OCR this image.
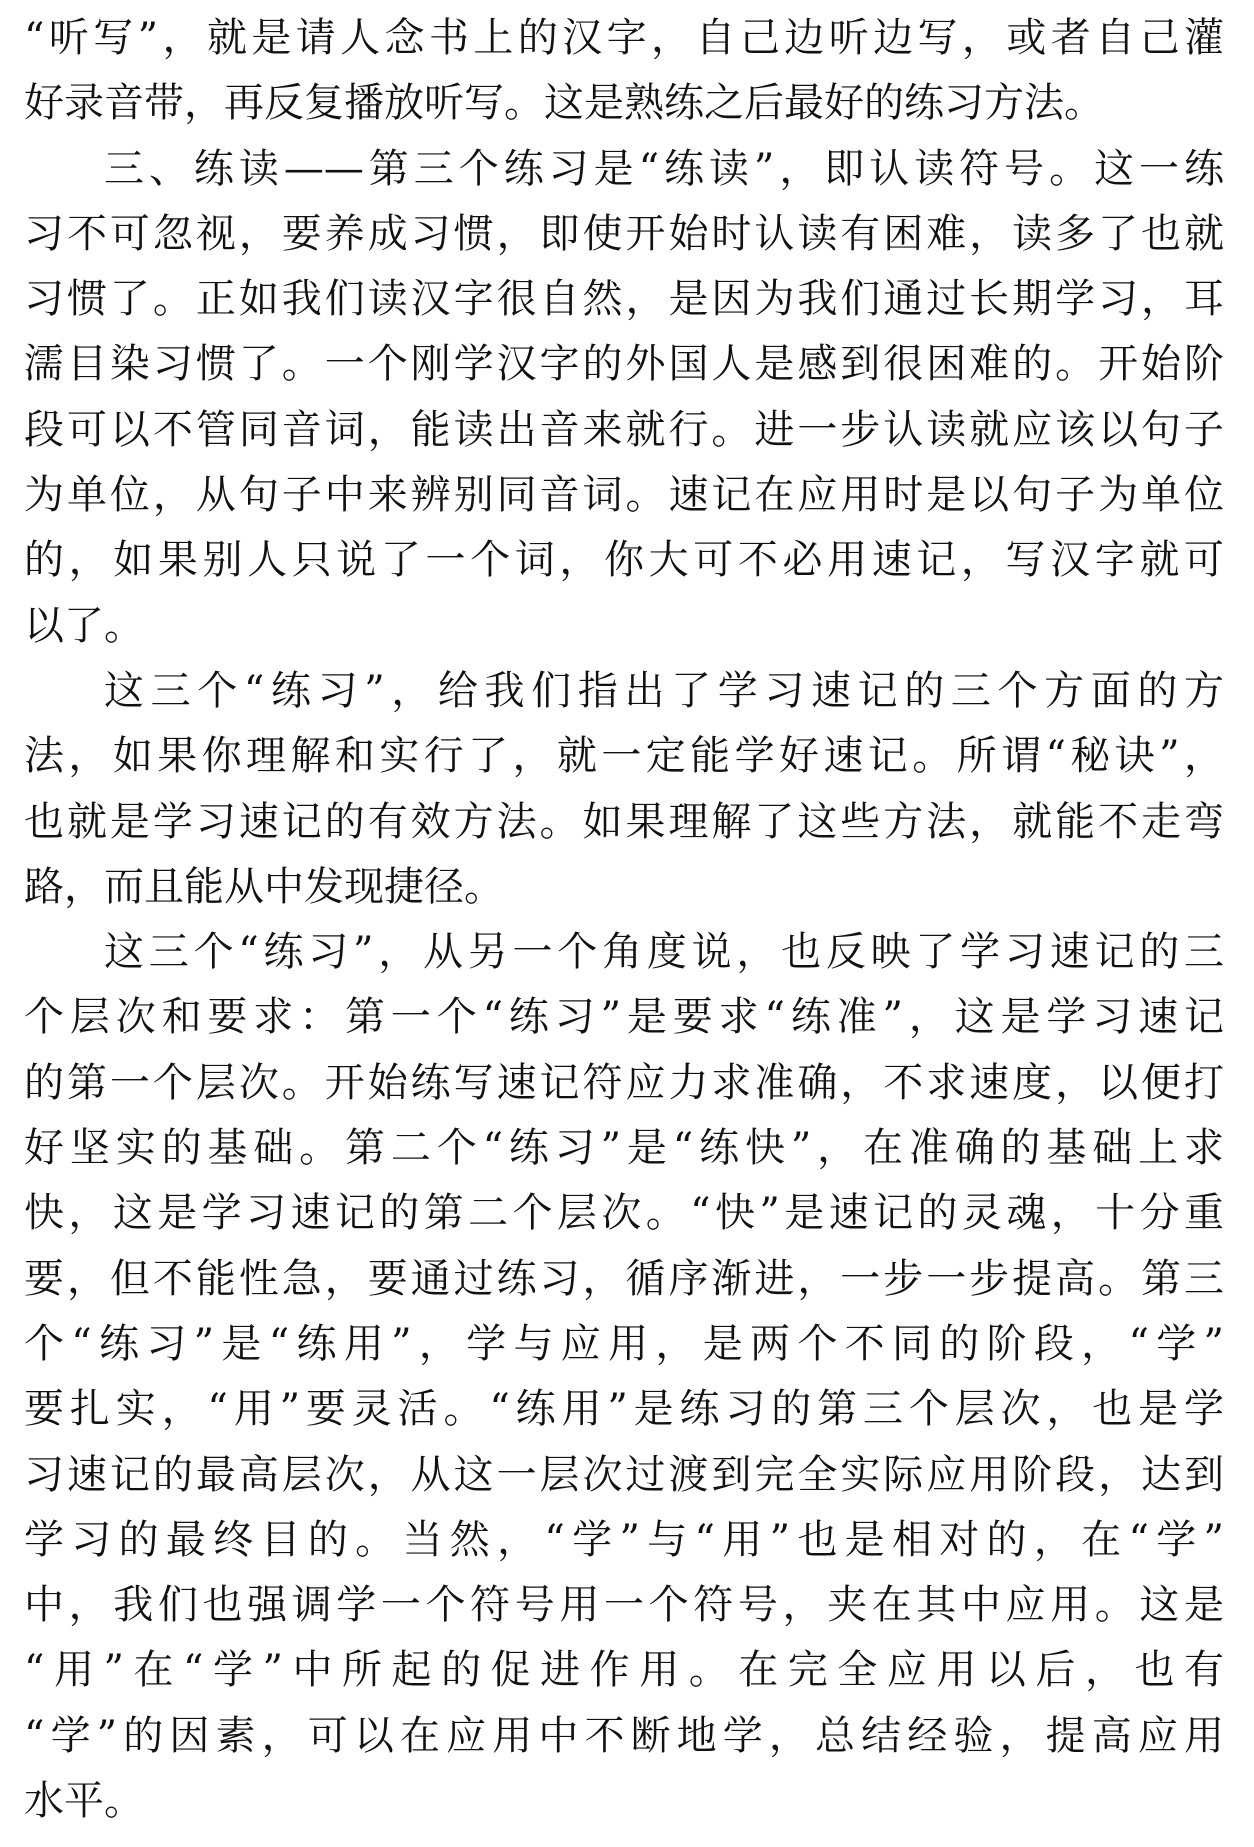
“听写”，就是请人念书上的汉字，自己边听边写，或者自己灌
好录音带，再反复播放听写。这是熟练之后最好的练习方法。
三、练读——第三个练习是“练读”，即认读符号。这一练
习不可忽视，要养成习惯，即使开始时认读有困难，读多了也就
习惯了。正如我们读汉字很自然，是因为我们通过长期学习，耳
濡目染习惯了。一个刚学汉字的外国人是感到很困难的。开始阶
段可以不管同音词，能读出音来就行。进一步认读就应该以句子
为单位，从句子中来辨别同音词。速记在应用时是以句子为单位
的，如果别人只说了一个词，你大可不必用速记，写汉字就可
以了。
这三个“练习”，给我们指出了学习速记的三个方面的方
法，如果你理解和实行了，就一定能学好速记。所谓“秘诀”，
也就是学习速记的有效方法。如果理解了这些方法，就能不走弯
路，而且能从中发现捷径。
这三个“练习”，从另一个角度说，也反映了学习速记的三
个层次和要求：第一个“练习”是要求“练准”，这是学习速记
的第一个层次。开始练写速记符应力求准确，不求速度，以便打
好坚实的基础。第二个“练习”是“练快”，在准确的基础上求
快，这是学习速记的第二个层次。“快”是速记的灵魂，十分重
要，但不能性急，要通过练习，循序渐进，一步一步提高。第三
个“练习”是“练用”，学与应用，是两个不同的阶段，“学”
要扎实，“用”要灵活。“练用”是练习的第三个层次，也是学
习速记的最高层次，从这一层次过渡到完全实际应用阶段，达到
学习的最终目的。当然，“学”与“用”也是相对的，在“学”
中，我们也强调学一个符号用一个符号，夹在其中应用。这是
“用”在“学”中所起的促进作用。在完全应用以后，也有
“学”的因素，可以在应用中不断地学，总结经验，提高应用
水平。
